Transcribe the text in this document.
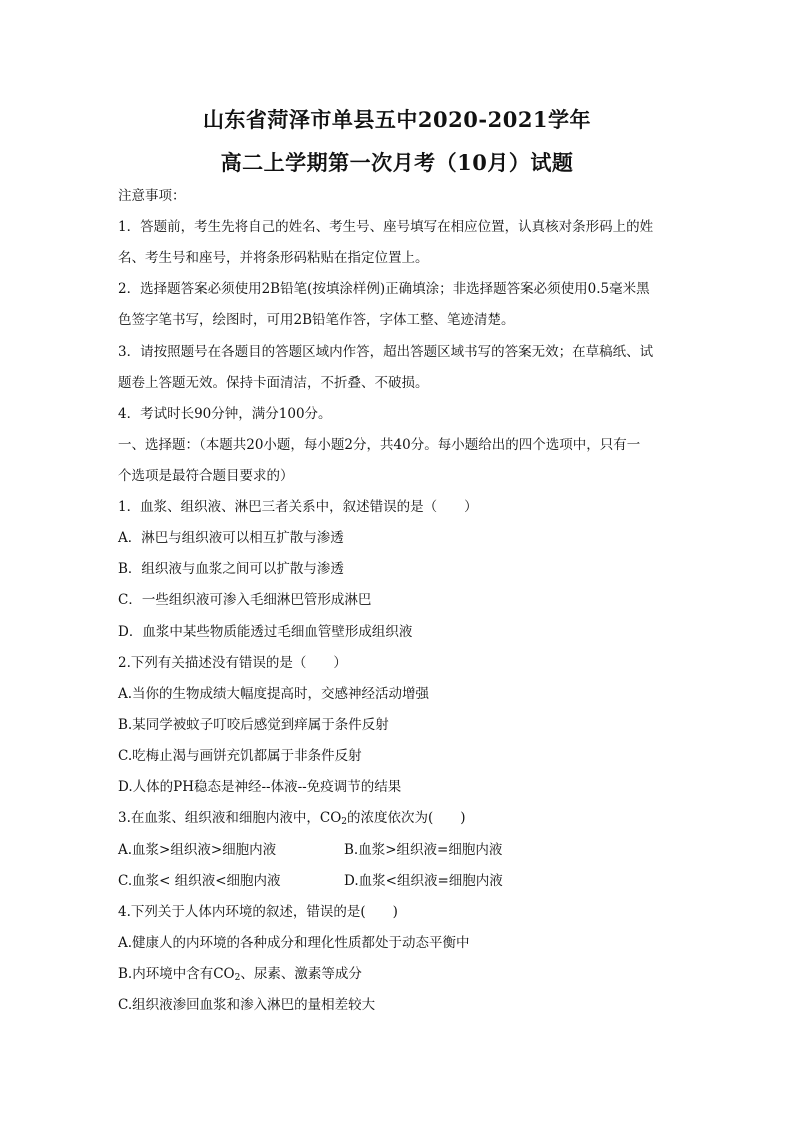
山东省菏泽市单县五中2020-2021学年
高二上学期第一次月考（10月）试题
注意事项：
1．答题前，考生先将自己的姓名、考生号、座号填写在相应位置，认真核对条形码上的姓
名、考生号和座号，并将条形码粘贴在指定位置上。
2．选择题答案必须使用2B铅笔(按填涂样例)正确填涂；非选择题答案必须使用0.5毫米黑
色签字笔书写，绘图时，可用2B铅笔作答，字体工整、笔迹清楚。
3．请按照题号在各题目的答题区域内作答，超出答题区域书写的答案无效；在草稿纸、试
题卷上答题无效。保持卡面清洁，不折叠、不破损。
4．考试时长90分钟，满分100分。
一、选择题：（本题共20小题，每小题2分，共40分。每小题给出的四个选项中，只有一
个选项是最符合题目要求的）
1．血浆、组织液、淋巴三者关系中，叙述错误的是（　　）
A．淋巴与组织液可以相互扩散与渗透
B．组织液与血浆之间可以扩散与渗透
C．一些组织液可渗入毛细淋巴管形成淋巴
D．血浆中某些物质能透过毛细血管壁形成组织液
2.下列有关描述没有错误的是（　　）
A.当你的生物成绩大幅度提高时，交感神经活动增强
B.某同学被蚊子叮咬后感觉到痒属于条件反射
C.吃梅止渴与画饼充饥都属于非条件反射
D.人体的PH稳态是神经--体液--免疫调节的结果
3.在血浆、组织液和细胞内液中，$CO_2$的浓度依次为(　　)
A.血浆>组织液>细胞内液	B.血浆>组织液=细胞内液
C.血浆< 组织液<细胞内液	D.血浆<组织液=细胞内液
4.下列关于人体内环境的叙述，错误的是(　　)
A.健康人的内环境的各种成分和理化性质都处于动态平衡中
B.内环境中含有$CO_2$、尿素、激素等成分
C.组织液渗回血浆和渗入淋巴的量相差较大
